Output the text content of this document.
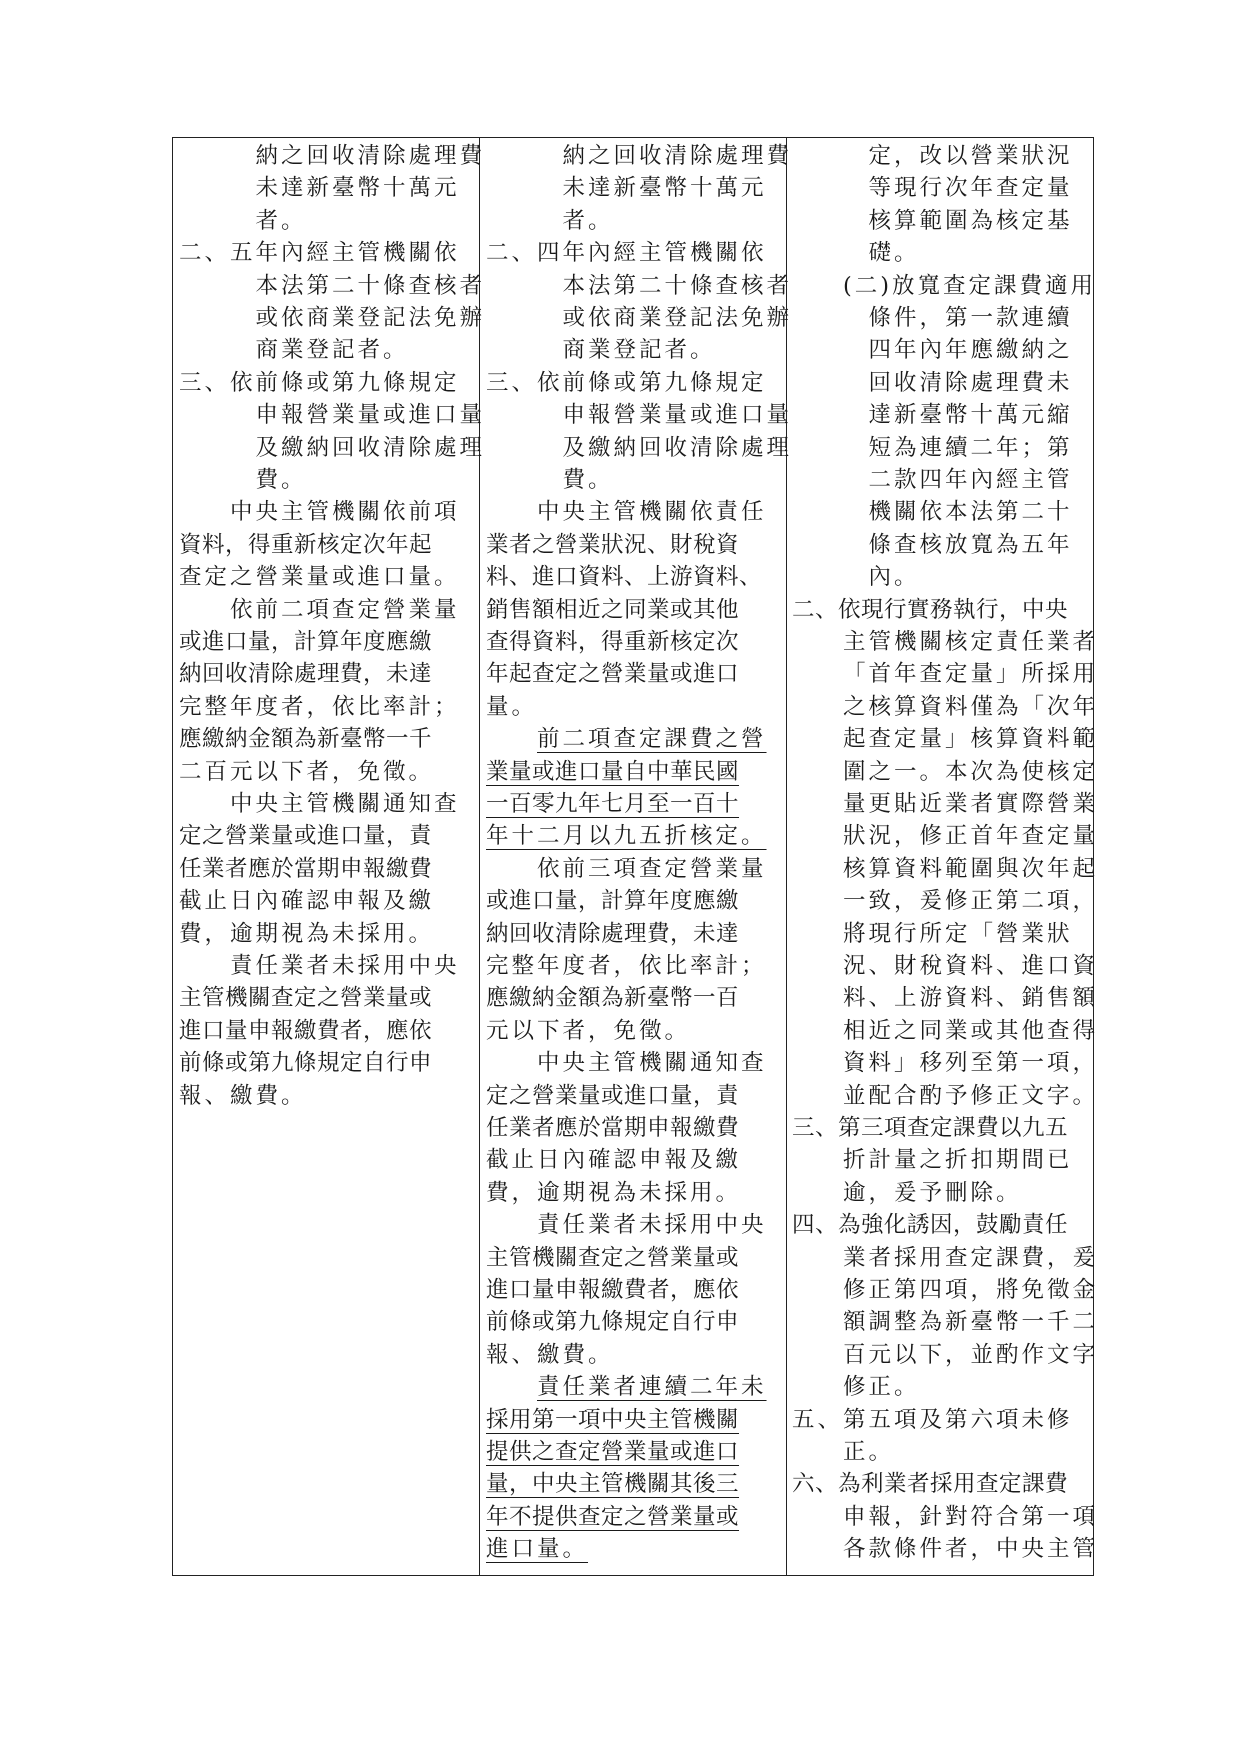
納之回收清除處理費
未達新臺幣十萬元
者。
二、五年內經主管機關依
本法第二十條查核者
或依商業登記法免辦
商業登記者。
三、依前條或第九條規定
申報營業量或進口量
及繳納回收清除處理
費。
中央主管機關依前項
資料，得重新核定次年起
查定之營業量或進口量。
依前二項查定營業量
或進口量，計算年度應繳
納回收清除處理費，未達
完整年度者，依比率計；
應繳納金額為新臺幣一千
二百元以下者，免徵。
中央主管機關通知查
定之營業量或進口量，責
任業者應於當期申報繳費
截止日內確認申報及繳
費，逾期視為未採用。
責任業者未採用中央
主管機關查定之營業量或
進口量申報繳費者，應依
前條或第九條規定自行申
報、繳費。
納之回收清除處理費
未達新臺幣十萬元
者。
二、四年內經主管機關依
本法第二十條查核者
或依商業登記法免辦
商業登記者。
三、依前條或第九條規定
申報營業量或進口量
及繳納回收清除處理
費。
中央主管機關依責任
業者之營業狀況、財稅資
料、進口資料、上游資料、
銷售額相近之同業或其他
查得資料，得重新核定次
年起查定之營業量或進口
量。
前二項查定課費之營
業量或進口量自中華民國
一百零九年七月至一百十
年十二月以九五折核定。
依前三項查定營業量
或進口量，計算年度應繳
納回收清除處理費，未達
完整年度者，依比率計；
應繳納金額為新臺幣一百
元以下者，免徵。
中央主管機關通知查
定之營業量或進口量，責
任業者應於當期申報繳費
截止日內確認申報及繳
費，逾期視為未採用。
責任業者未採用中央
主管機關查定之營業量或
進口量申報繳費者，應依
前條或第九條規定自行申
報、繳費。
責任業者連續二年未
採用第一項中央主管機關
提供之查定營業量或進口
量，中央主管機關其後三
年不提供查定之營業量或
進口量。
定，改以營業狀況
等現行次年查定量
核算範圍為核定基
礎。
(二)放寬查定課費適用
條件，第一款連續
四年內年應繳納之
回收清除處理費未
達新臺幣十萬元縮
短為連續二年；第
二款四年內經主管
機關依本法第二十
條查核放寬為五年
內。
二、依現行實務執行，中央
主管機關核定責任業者
「首年查定量」所採用
之核算資料僅為「次年
起查定量」核算資料範
圍之一。本次為使核定
量更貼近業者實際營業
狀況，修正首年查定量
核算資料範圍與次年起
一致，爰修正第二項，
將現行所定「營業狀
況、財稅資料、進口資
料、上游資料、銷售額
相近之同業或其他查得
資料」移列至第一項，
並配合酌予修正文字。
三、第三項查定課費以九五
折計量之折扣期間已
逾，爰予刪除。
四、為強化誘因，鼓勵責任
業者採用查定課費，爰
修正第四項，將免徵金
額調整為新臺幣一千二
百元以下，並酌作文字
修正。
五、第五項及第六項未修
正。
六、為利業者採用查定課費
申報，針對符合第一項
各款條件者，中央主管
